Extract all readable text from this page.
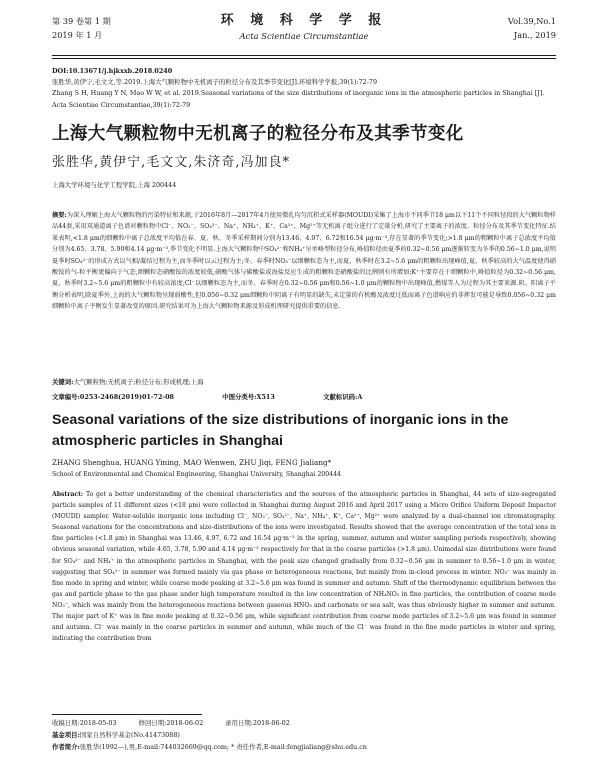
第 39 卷第 1 期
2019 年 1 月
环 境 科 学 学 报
Acta Scientiae Circumstantiae
Vol.39,No.1
Jan., 2019
DOI:10.13671/j.hjkxxb.2018.0240
张胜华,黄伊宁,毛文文,等.2019.上海大气颗粒物中无机离子的粒径分布及其季节变化[J].环境科学学报,39(1):72-79
Zhang S H, Huang Y N, Mao W W, et al. 2019.Seasonal variations of the size distributions of inorganic ions in the atmospheric particles in Shanghai [J].
Acta Scientiae Circumstantiae,39(1):72-79
上海大气颗粒物中无机离子的粒径分布及其季节变化
张胜华,黄伊宁,毛文文,朱济奇,冯加良*
上海大学环境与化学工程学院,上海 200444
摘要:为深入理解上海大气颗粒物的污染特征和来源,于2016年8月—2017年4月使用微孔均匀沉积式采样器(MOUDI)采集了上海市不同季节18 μm以下11个不同粒径段的大气颗粒物样品44套,采用双通道离子色谱对颗粒物中Cl⁻、NO₃⁻、SO₄²⁻、Na⁺、NH₄⁺、K⁺、Ca²⁺、Mg²⁺等无机离子组分进行了定量分析,研究了主要离子的浓度、粒径分布及其季节变化特征.结果表明,<1.8 μm的细颗粒中离子总浓度平均值在春、夏、秋、冬季采样期间分别为13.46、4.97、6.72和16.54 μg·m⁻³,存在显著的季节变化;>1.8 μm的粗颗粒中离子总浓度平均值分别为4.65、3.78、5.90和4.14 μg·m⁻³,季节变化不明显.上海大气颗粒物中SO₄²⁻和NH₄⁺呈单峰型粒径分布,峰值粒径由夏季的0.32~0.56 μm逐渐转变为冬季的0.56~1.0 μm,说明夏季时SO₄²⁻的形成方式以气相/凝结过程为主,而冬季时以云过程为主;冬、春季时NO₃⁻以细颗粒态为主,而夏、秋季时在3.2~5.6 μm的粗颗粒出现峰值,夏、秋季较高的大气温度使得硝酸铵的气-粒平衡更偏向于气态,细颗粒态硝酸铵的浓度较低,硝酸气体与碳酸盐或海盐反应生成的粗颗粒态硝酸盐的比例则有所增加;K⁺主要存在于细颗粒中,峰值粒径为0.32~0.56 μm,夏、秋季时3.2~5.6 μm的粗颗粒中有较高浓度;Cl⁻以细颗粒态为主,而冬、春季时在0.32~0.56 μm和0.56~1.0 μm的颗粒物中出现峰值,燃煤等人为过程为其主要来源.阴、阳离子平衡分析表明,除夏季外,上海的大气颗粒物呈现弱酸性,但0.056~0.32 μm细颗粒中阴离子有明显的缺失,未定量的有机酸及浓度过低而离子色谱响应的非挥发可能是导致0.056~0.32 μm细颗粒中离子平衡发生显著改变的原因.研究结果可为上海大气颗粒物来源及形成机理研究提供重要的信息.
关键词:大气颗粒物;无机离子;粒径分布;形成机理;上海
文章编号:0253-2468(2019)01-72-08	中图分类号:X513	文献标识码:A
Seasonal variations of the size distributions of inorganic ions in the atmospheric particles in Shanghai
ZHANG Shenghua, HUANG Yining, MAO Wenwen, ZHU Jiqi, FENG Jialiang*
School of Environmental and Chemical Engineering, Shanghai University, Shanghai 200444
Abstract: To get a better understanding of the chemical characteristics and the sources of the atmospheric particles in Shanghai, 44 sets of size-segregated particle samples of 11 different sizes (<18 μm) were collected in Shanghai during August 2016 and April 2017 using a Micro Orifice Uniform Deposit Impactor (MOUDI) sampler. Water-soluble inorganic ions including Cl⁻, NO₃⁻, SO₄²⁻, Na⁺, NH₄⁺, K⁺, Ca²⁺, Mg²⁺ were analyzed by a dual-channel ion chromatography. Seasonal variations for the concentrations and size-distributions of the ions were investigated. Results showed that the average concentration of the total ions in fine particles (<1.8 μm) in Shanghai was 13.46, 4.97, 6.72 and 16.54 μg·m⁻³ in the spring, summer, autumn and winter sampling periods respectively, showing obvious seasonal variation, while 4.65, 3.78, 5.90 and 4.14 μg·m⁻³ respectively for that in the coarse particles (>1.8 μm). Unimodal size distributions were found for SO₄²⁻ and NH₄⁺ in the atmospheric particles in Shanghai, with the peak size changed gradually from 0.32~0.56 μm in summer to 0.56~1.0 μm in winter, suggesting that SO₄²⁻ in summer was formed mainly via gas phase or heterogeneous reactions, but mainly from in-cloud process in winter. NO₃⁻ was mainly in fine mode in spring and winter, while coarse mode peaking at 3.2~5.6 μm was found in summer and autumn. Shift of the thermodynamic equilibrium between the gas and particle phase to the gas phase under high temperature resulted in the low concentration of NH₄NO₃ in fine particles, the contribution of coarse mode NO₃⁻, which was mainly from the heterogeneous reactions between gaseous HNO₃ and carbonate or sea salt, was thus obviously higher in summer and autumn. The major part of K⁺ was in fine mode peaking at 0.32~0.56 μm, while significant contribution from coarse mode particles of 3.2~5.6 μm was found in summer and autumn. Cl⁻ was mainly in the coarse particles in summer and autumn, while much of the Cl⁻ was found in the fine mode particles in winter and spring, indicating the contribution from
收稿日期:2018-05-03	修回日期:2018-06-02	录用日期:2018-06-02
基金项目:国家自然科学基金(No.41473088)
作者简介:张胜华(1992—),男,E-mail:744032669@qq.com; * 责任作者,E-mail:fengjialiang@shu.edu.cn
